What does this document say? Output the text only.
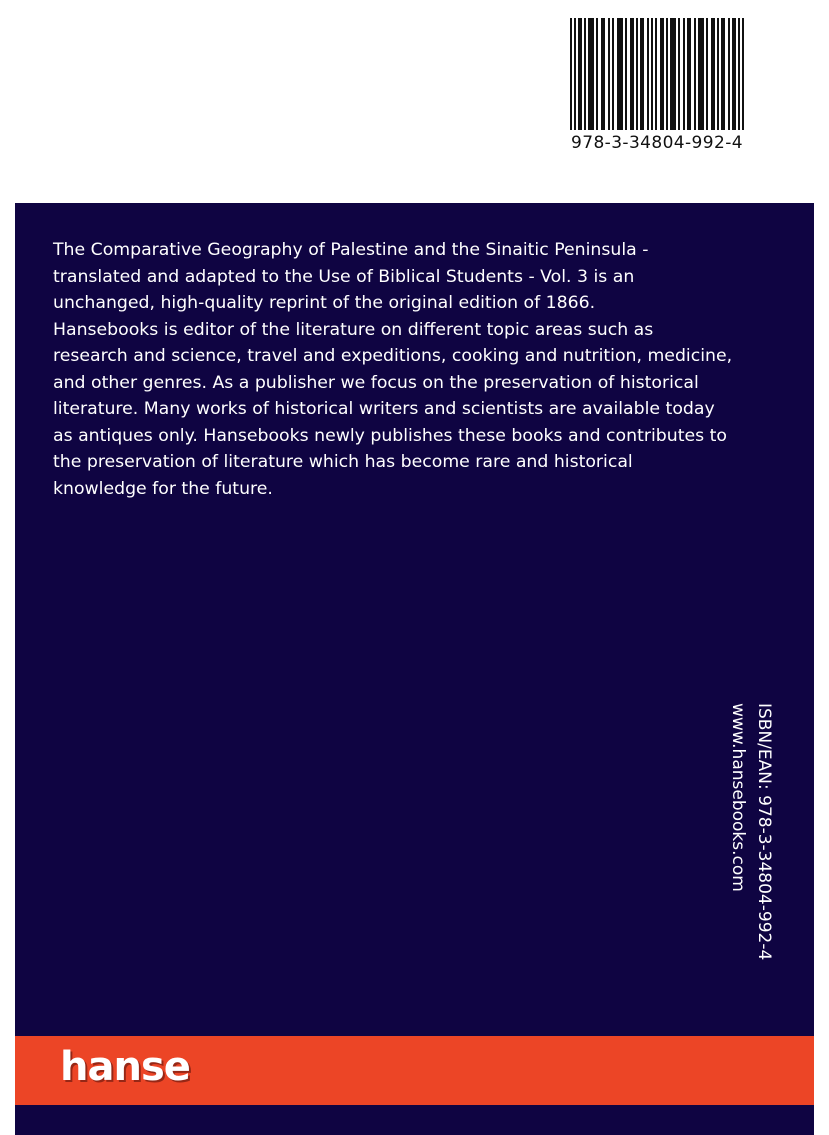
978-3-34804-992-4

The Comparative Geography of Palestine and the Sinaitic Peninsula -
translated and adapted to the Use of Biblical Students - Vol. 3 is an
unchanged, high-quality reprint of the original edition of 1866.
Hansebooks is editor of the literature on different topic areas such as
research and science, travel and expeditions, cooking and nutrition, medicine,
and other genres. As a publisher we focus on the preservation of historical
literature. Many works of historical writers and scientists are available today
as antiques only. Hansebooks newly publishes these books and contributes to
the preservation of literature which has become rare and historical
knowledge for the future.

ISBN/EAN: 978-3-34804-992-4
www.hansebooks.com
hanse
